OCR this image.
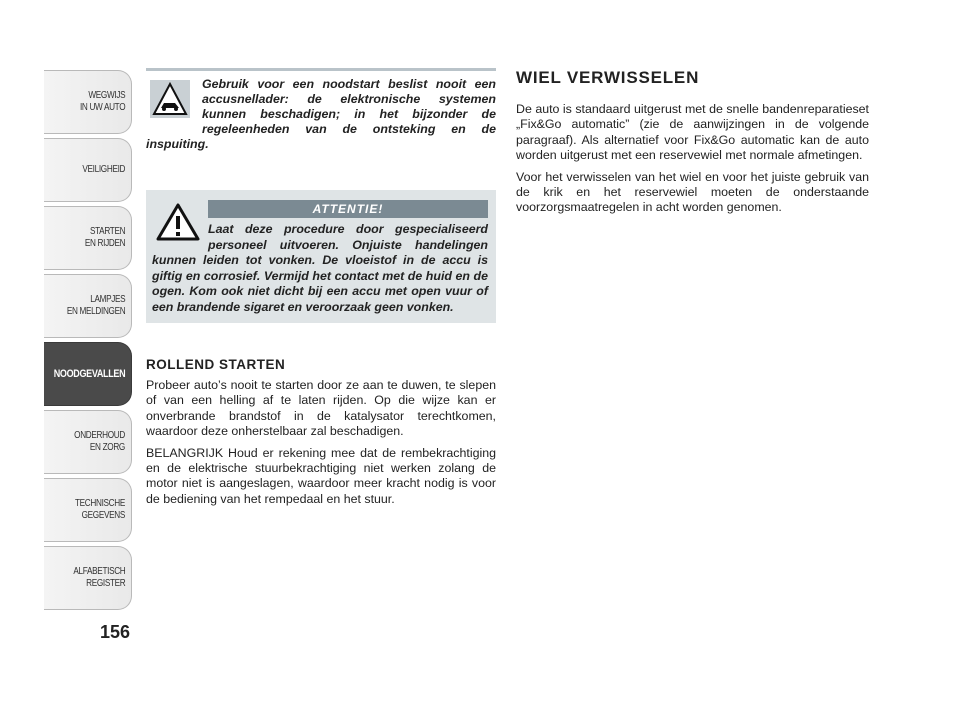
WEGWIJS
IN UW AUTO
VEILIGHEID
STARTEN
EN RIJDEN
LAMPJES
EN MELDINGEN
NOODGEVALLEN
ONDERHOUD
EN ZORG
TECHNISCHE
GEGEVENS
ALFABETISCH
REGISTER
156
Gebruik voor een noodstart beslist nooit een accusnellader: de elektronische systemen kunnen beschadigen; in het bijzonder de regeleenheden van de ontsteking en de inspuiting.
ATTENTIE!
Laat deze procedure door gespecialiseerd personeel uitvoeren. Onjuiste handelingen kunnen leiden tot vonken. De vloeistof in de accu is giftig en corrosief. Vermijd het contact met de huid en de ogen. Kom ook niet dicht bij een accu met open vuur of een brandende sigaret en veroorzaak geen vonken.
ROLLEND STARTEN

Probeer auto’s nooit te starten door ze aan te duwen, te slepen of van een helling af te laten rijden. Op die wijze kan er onverbrande brandstof in de katalysator terechtkomen, waardoor deze onherstelbaar zal beschadigen.

BELANGRIJK Houd er rekening mee dat de rembekrachtiging en de elektrische stuurbekrachtiging niet werken zolang de motor niet is aangeslagen, waardoor meer kracht nodig is voor de bediening van het rempedaal en het stuur.

WIEL VERWISSELEN

De auto is standaard uitgerust met de snelle bandenreparatieset „Fix&Go automatic” (zie de aanwijzingen in de volgende paragraaf). Als alternatief voor Fix&Go automatic kan de auto worden uitgerust met een reservewiel met normale afmetingen.

Voor het verwisselen van het wiel en voor het juiste gebruik van de krik en het reservewiel moeten de onderstaande voorzorgsmaatregelen in acht worden genomen.
